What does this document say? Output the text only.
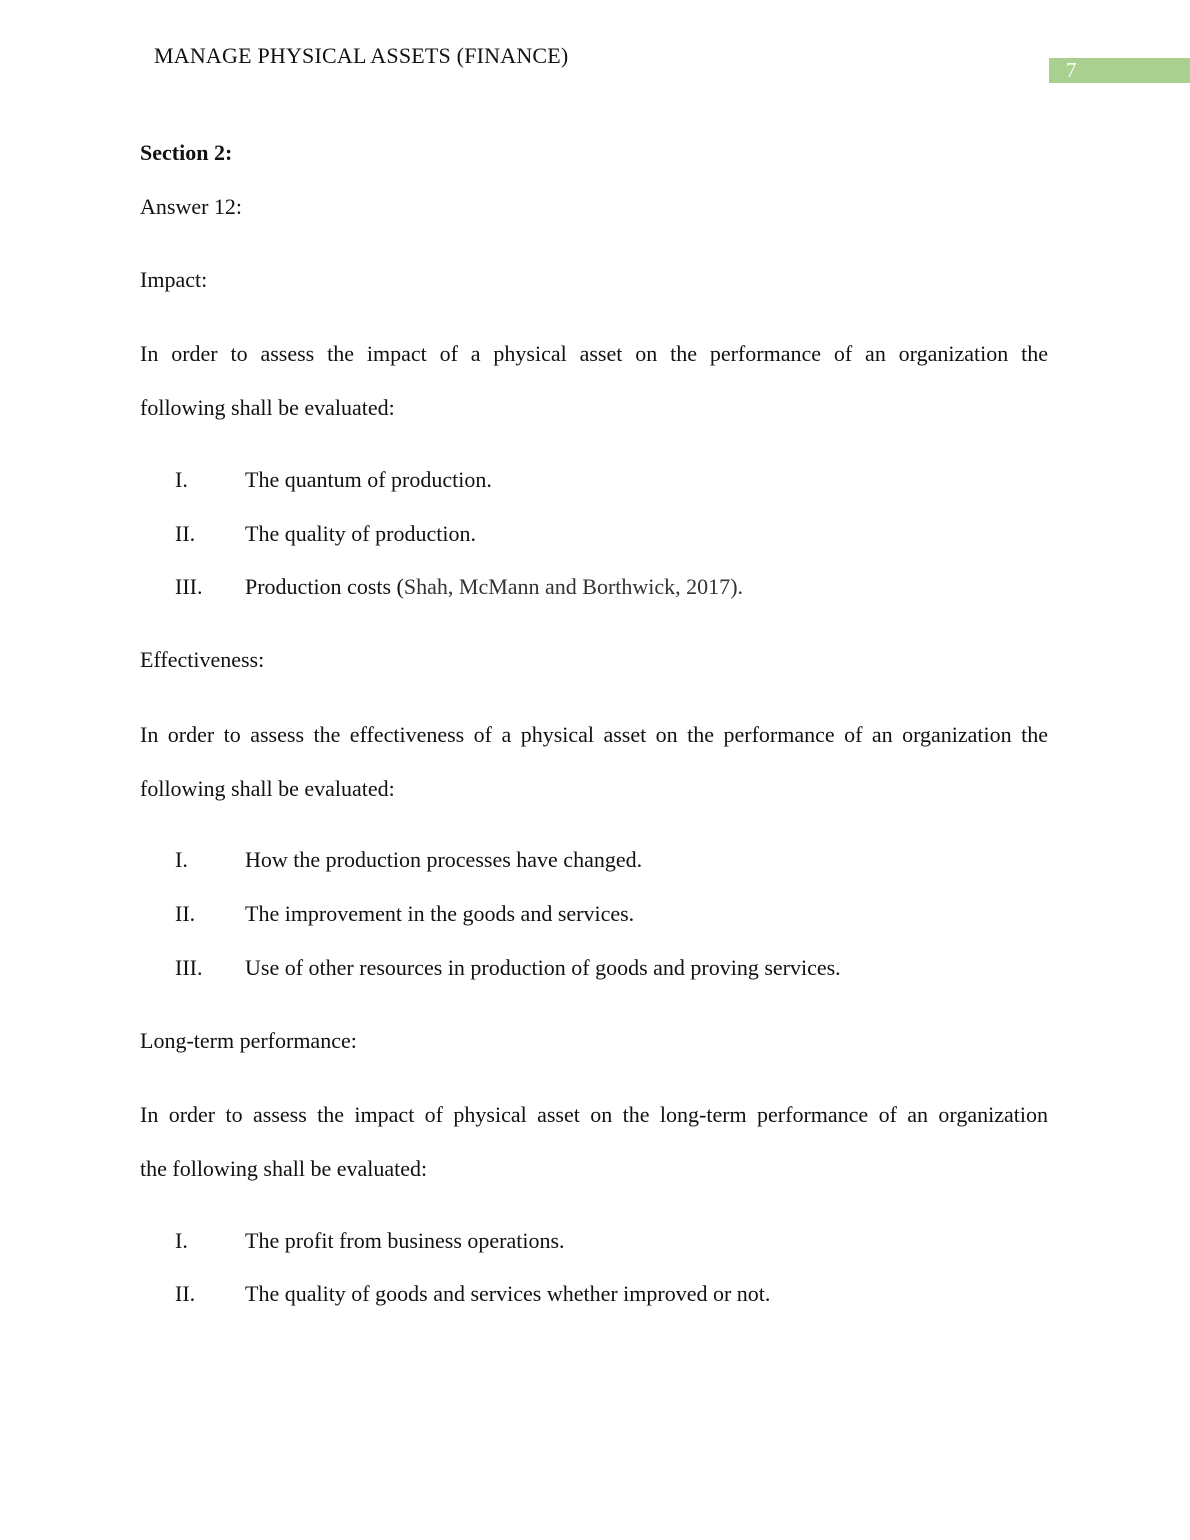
MANAGE PHYSICAL ASSETS (FINANCE)
7
Section 2:
Answer 12:
Impact:
In order to assess the impact of a physical asset on the performance of an organization the
following shall be evaluated:
I.	The quantum of production.
II. The quality of production.
III. Production costs (Shah, McMann and Borthwick, 2017).
Effectiveness:
In order to assess the effectiveness of a physical asset on the performance of an organization the
following shall be evaluated:
I.	How the production processes have changed.
II. The improvement in the goods and services.
III. Use of other resources in production of goods and proving services.
Long-term performance:
In order to assess the impact of physical asset on the long-term performance of an organization
the following shall be evaluated:
I.	The profit from business operations.
II. The quality of goods and services whether improved or not.
